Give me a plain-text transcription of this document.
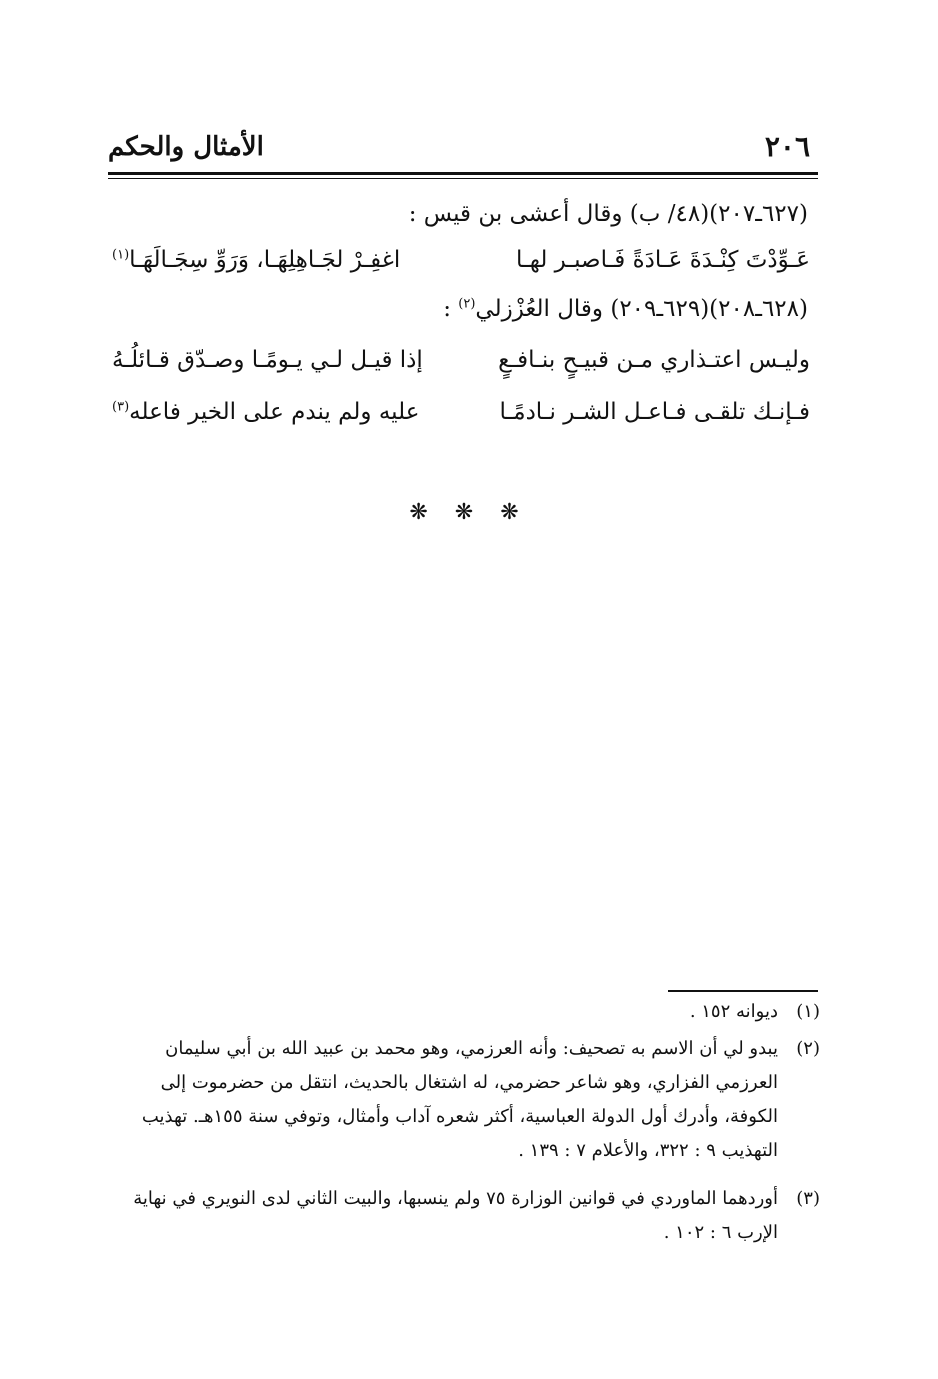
٢٠٦
الأمثال والحكم
(٦٢٧ـ٢٠٧)(٤٨/ ب) وقال أعشى بن قيس :
عَـوِّدْتَ كِنْـدَةَ عَـادَةً فَـاصبـر لهـا
اغفِـرْ لجَـاهِلِهَـا، وَرَوِّ سِجَـالَهَـا$^{(١)}$
(٦٢٨ـ٢٠٨)(٦٢٩ـ٢٠٩) وقال العُزْزلي$^{(٢)}$ :
وليـس اعتـذاري مـن قبيـحٍ بنـافـعٍ
إذا قيـل لـي يـومًـا وصـدّق قـائلُـهُ
فـإنـك تلقـى فـاعـل الشـر نـادمًـا
عليه ولم يندم على الخير فاعله$^{(٣)}$
❋ ❋ ❋
(١)
ديوانه ١٥٢ .
(٢)
يبدو لي أن الاسم به تصحيف: وأنه العرزمي، وهو محمد بن عبيد الله بن أبي سليمان
العرزمي الفزاري، وهو شاعر حضرمي، له اشتغال بالحديث، انتقل من حضرموت إلى
الكوفة، وأدرك أول الدولة العباسية، أكثر شعره آداب وأمثال، وتوفي سنة ١٥٥هـ. تهذيب
التهذيب ٩ : ٣٢٢، والأعلام ٧ : ١٣٩ .
(٣)
أوردهما الماوردي في قوانين الوزارة ٧٥ ولم ينسبها، والبيت الثاني لدى النويري في نهاية
الإرب ٦ : ١٠٢ .
